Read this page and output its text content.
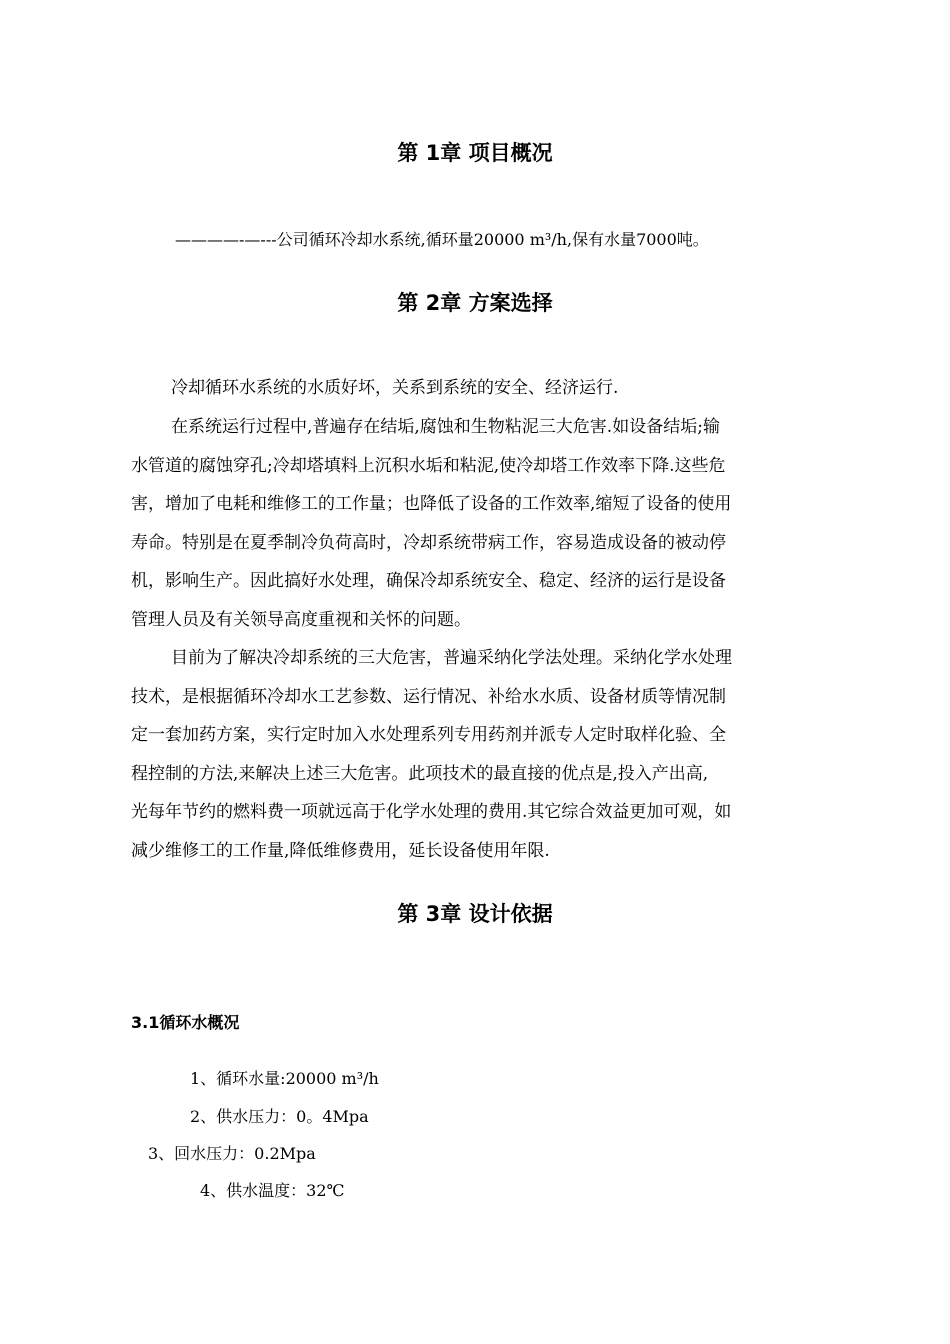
第 1章 项目概况
————-—---公司循环冷却水系统,循环量20000 m³/h,保有水量7000吨。
第 2章 方案选择
冷却循环水系统的水质好坏，关系到系统的安全、经济运行.
在系统运行过程中,普遍存在结垢,腐蚀和生物粘泥三大危害.如设备结垢;输
水管道的腐蚀穿孔;冷却塔填料上沉积水垢和粘泥,使冷却塔工作效率下降.这些危
害，增加了电耗和维修工的工作量；也降低了设备的工作效率,缩短了设备的使用
寿命。特别是在夏季制冷负荷高时，冷却系统带病工作，容易造成设备的被动停
机，影响生产。因此搞好水处理，确保冷却系统安全、稳定、经济的运行是设备
管理人员及有关领导高度重视和关怀的问题。
目前为了解决冷却系统的三大危害，普遍采纳化学法处理。采纳化学水处理
技术，是根据循环冷却水工艺参数、运行情况、补给水水质、设备材质等情况制
定一套加药方案，实行定时加入水处理系列专用药剂并派专人定时取样化验、全
程控制的方法,来解决上述三大危害。此项技术的最直接的优点是,投入产出高,
光每年节约的燃料费一项就远高于化学水处理的费用.其它综合效益更加可观，如
减少维修工的工作量,降低维修费用，延长设备使用年限.
第 3章 设计依据
3.1循环水概况
1、循环水量:20000 m³/h
2、供水压力：0。4Mpa
3、回水压力：0.2Mpa
4、供水温度：32℃
